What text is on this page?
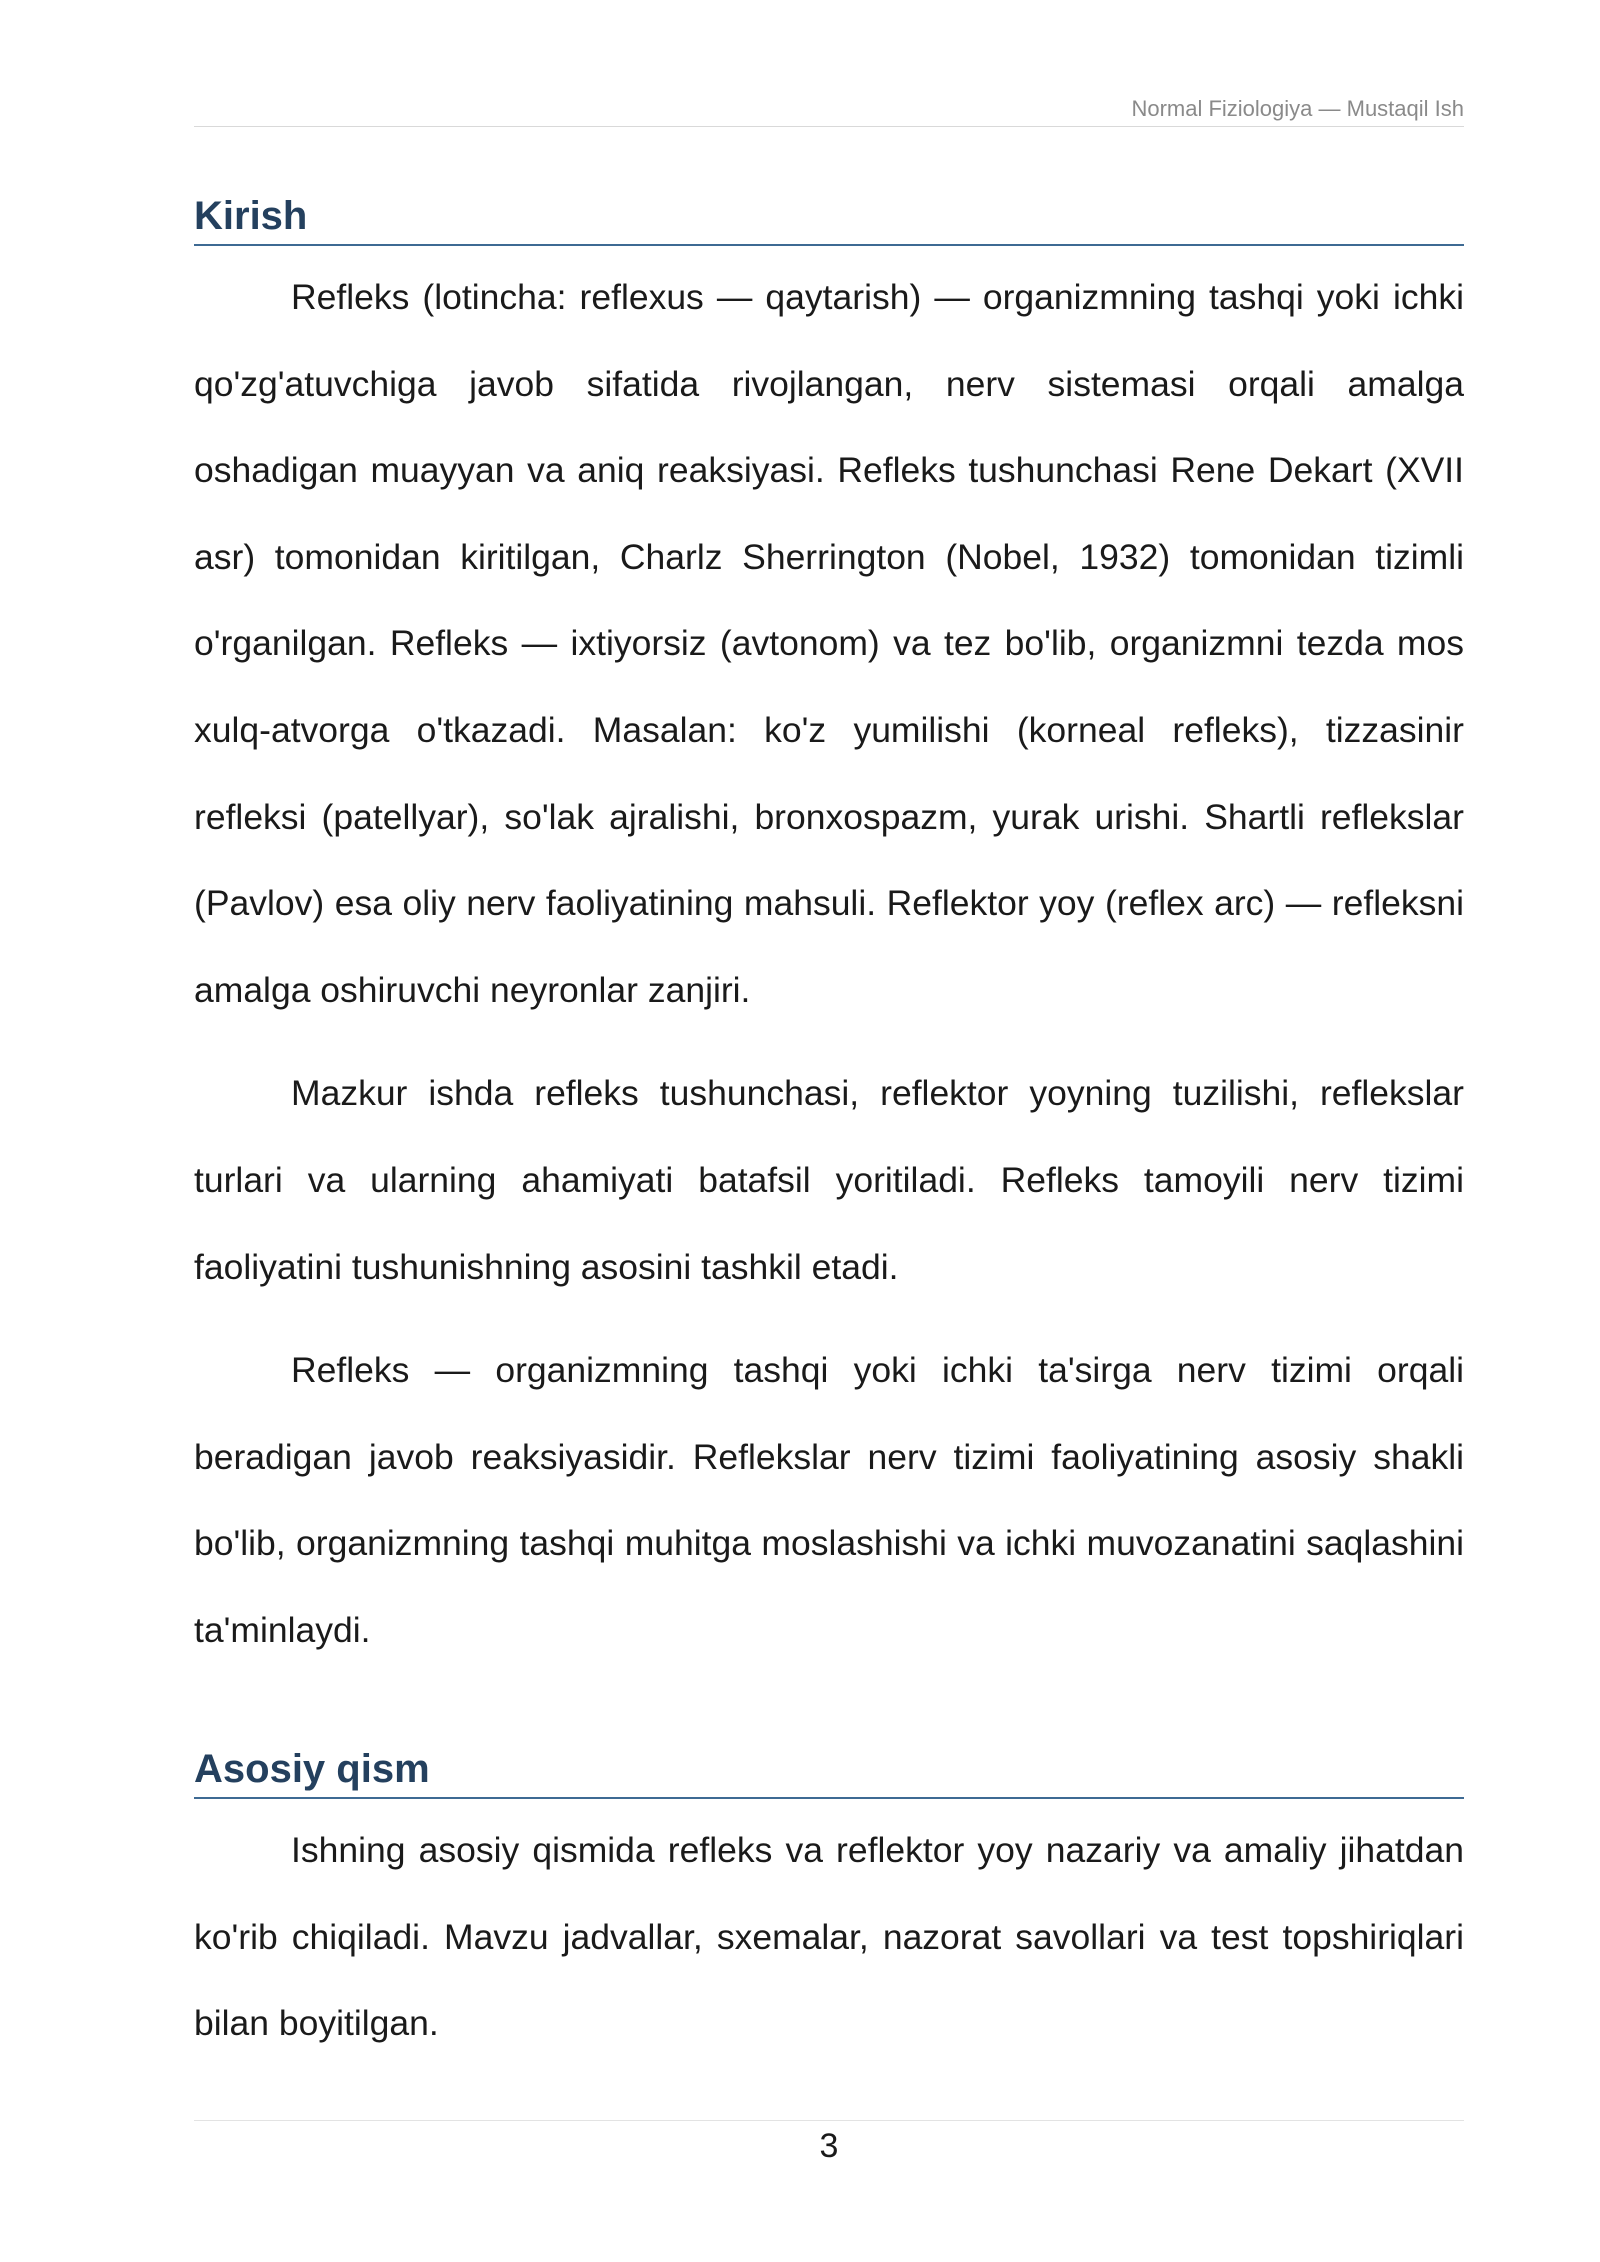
Normal Fiziologiya — Mustaqil Ish
Kirish

Refleks (lotincha: reflexus — qaytarish) — organizmning tashqi yoki ichki qo'zg'atuvchiga javob sifatida rivojlangan, nerv sistemasi orqali amalga oshadigan muayyan va aniq reaksiyasi. Refleks tushunchasi Rene Dekart (XVII asr) tomonidan kiritilgan, Charlz Sherrington (Nobel, 1932) tomonidan tizimli o'rganilgan. Refleks — ixtiyorsiz (avtonom) va tez bo'lib, organizmni tezda mos xulq-atvorga o'tkazadi. Masalan: ko'z yumilishi (korneal refleks), tizzasinir refleksi (patellyar), so'lak ajralishi, bronxospazm, yurak urishi. Shartli reflekslar (Pavlov) esa oliy nerv faoliyatining mahsuli. Reflektor yoy (reflex arc) — refleksni amalga oshiruvchi neyronlar zanjiri.

Mazkur ishda refleks tushunchasi, reflektor yoyning tuzilishi, reflekslar turlari va ularning ahamiyati batafsil yoritiladi. Refleks tamoyili nerv tizimi faoliyatini tushunishning asosini tashkil etadi.

Refleks — organizmning tashqi yoki ichki ta'sirga nerv tizimi orqali beradigan javob reaksiyasidir. Reflekslar nerv tizimi faoliyatining asosiy shakli bo'lib, organizmning tashqi muhitga moslashishi va ichki muvozanatini saqlashini ta'minlaydi.

Asosiy qism

Ishning asosiy qismida refleks va reflektor yoy nazariy va amaliy jihatdan ko'rib chiqiladi. Mavzu jadvallar, sxemalar, nazorat savollari va test topshiriqlari bilan boyitilgan.

3
